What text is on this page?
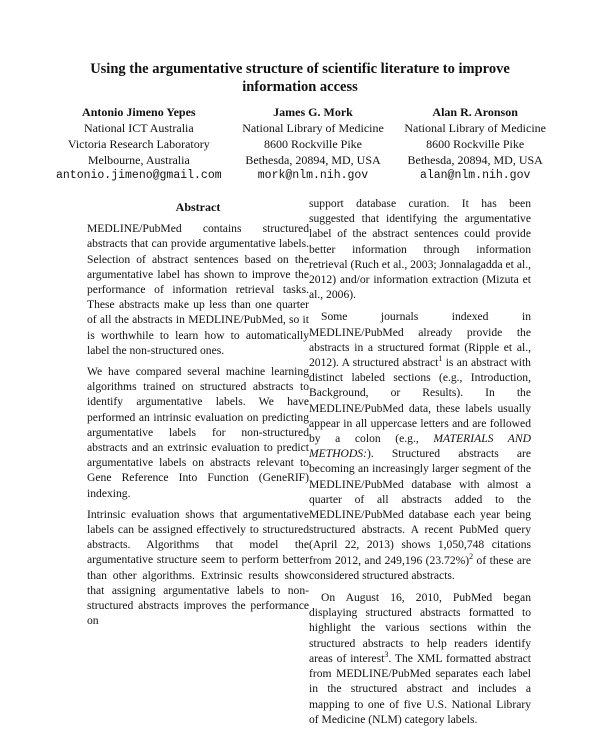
Using the argumentative structure of scientific literature to improve information access
Antonio Jimeno Yepes
National ICT Australia
Victoria Research Laboratory
Melbourne, Australia
antonio.jimeno@gmail.com
James G. Mork
National Library of Medicine
8600 Rockville Pike
Bethesda, 20894, MD, USA
mork@nlm.nih.gov
Alan R. Aronson
National Library of Medicine
8600 Rockville Pike
Bethesda, 20894, MD, USA
alan@nlm.nih.gov
Abstract

MEDLINE/PubMed contains structured abstracts that can provide argumentative labels. Selection of abstract sentences based on the argumentative label has shown to improve the performance of information retrieval tasks. These abstracts make up less than one quarter of all the abstracts in MEDLINE/PubMed, so it is worthwhile to learn how to automatically label the non-structured ones.

We have compared several machine learning algorithms trained on structured abstracts to identify argumentative labels. We have performed an intrinsic evaluation on predicting argumentative labels for non-structured abstracts and an extrinsic evaluation to predict argumentative labels on abstracts relevant to Gene Reference Into Function (GeneRIF) indexing.

Intrinsic evaluation shows that argumentative labels can be assigned effectively to structured abstracts. Algorithms that model the argumentative structure seem to perform better than other algorithms. Extrinsic results show that assigning argumentative labels to non-structured abstracts improves the performance on

support database curation. It has been suggested that identifying the argumentative label of the abstract sentences could provide better information through information retrieval (Ruch et al., 2003; Jonnalagadda et al., 2012) and/or information extraction (Mizuta et al., 2006).

Some journals indexed in MEDLINE/PubMed already provide the abstracts in a structured format (Ripple et al., 2012). A structured abstract$^1$ is an abstract with distinct labeled sections (e.g., Introduction, Background, or Results). In the MEDLINE/PubMed data, these labels usually appear in all uppercase letters and are followed by a colon (e.g., MATERIALS AND METHODS:). Structured abstracts are becoming an increasingly larger segment of the MEDLINE/PubMed database with almost a quarter of all abstracts added to the MEDLINE/PubMed database each year being structured abstracts. A recent PubMed query (April 22, 2013) shows 1,050,748 citations from 2012, and 249,196 $(23.72\%)^2$ of these are considered structured abstracts.

On August 16, 2010, PubMed began displaying structured abstracts formatted to highlight the various sections within the structured abstracts to help readers identify areas of interest$^3$. The XML formatted abstract from MEDLINE/PubMed separates each label in the structured abstract and includes a mapping to one of five U.S. National Library of Medicine (NLM) category labels.
